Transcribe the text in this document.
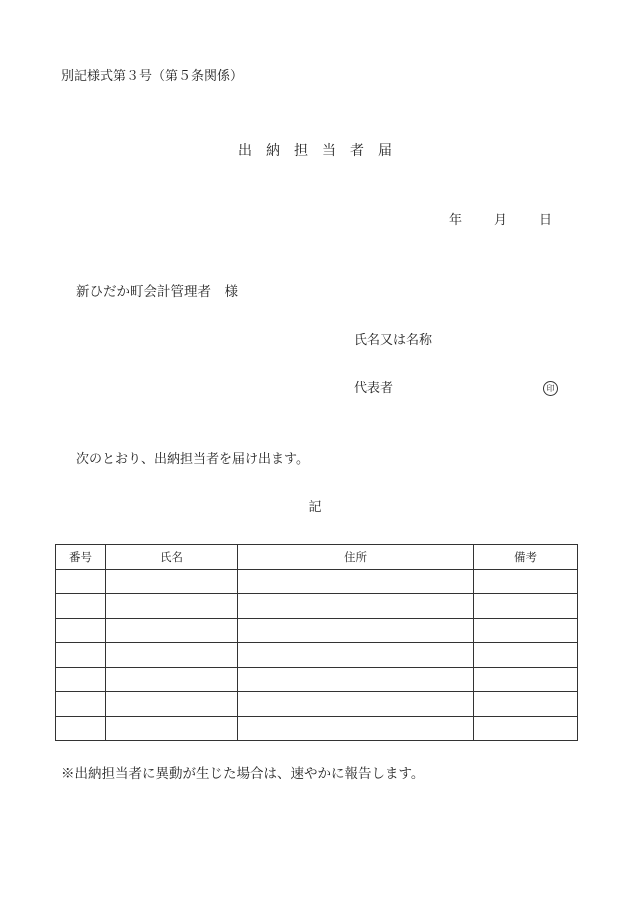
別記様式第３号（第５条関係）
出　納　担　当　者　届
年 月 日
新ひだか町会計管理者　様
氏名又は名称
代表者	印
次のとおり、出納担当者を届け出ます。
記
番号	氏名	住所	備考

※出納担当者に異動が生じた場合は、速やかに報告します。
